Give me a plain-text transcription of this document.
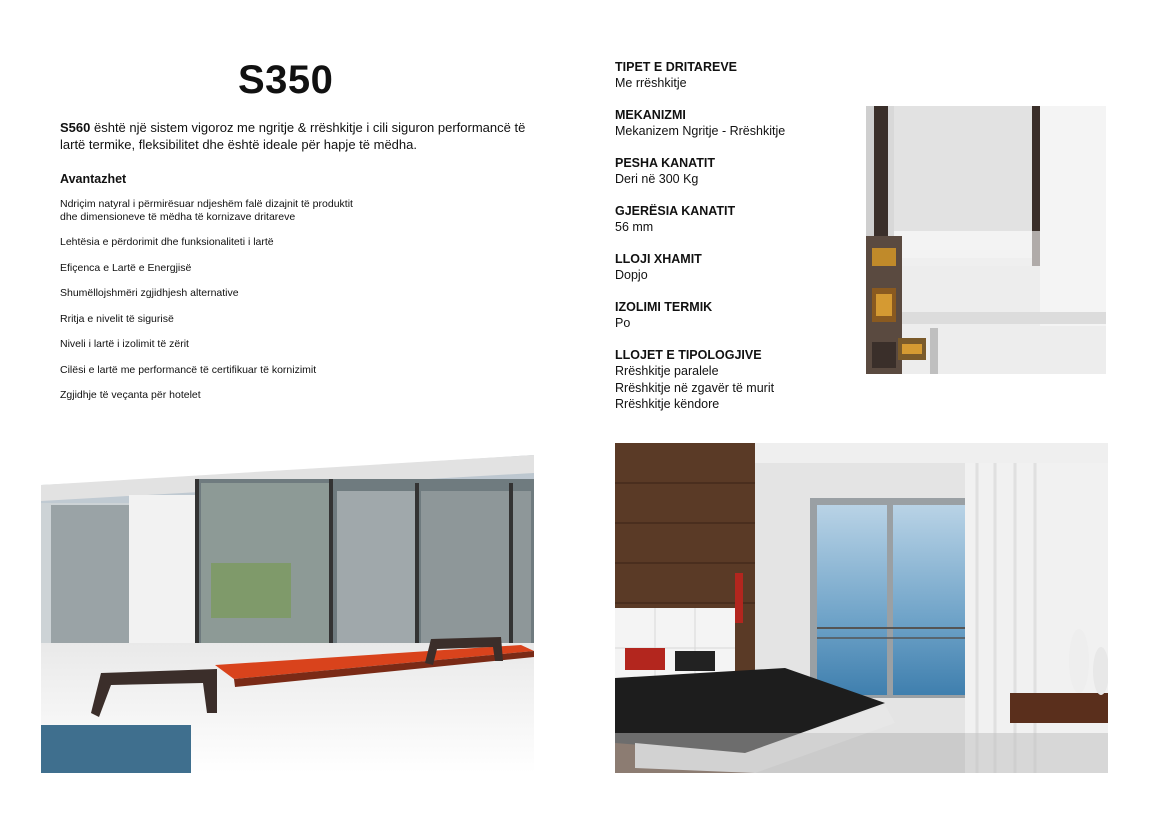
S350
S560 është një sistem vigoroz me ngritje & rrëshkitje i cili siguron performancë të lartë termike, fleksibilitet dhe është ideale për hapje të mëdha.
Avantazhet
Ndriçim natyral i përmirësuar ndjeshëm falë dizajnit të produktit
dhe dimensioneve të mëdha të kornizave dritareve
Lehtësia e përdorimit dhe funksionaliteti i lartë
Efiçenca e Lartë e Energjisë
Shumëllojshmëri zgjidhjesh alternative
Rritja e nivelit të sigurisë
Niveli i lartë i izolimit të zërit
Cilësi e lartë me performancë të certifikuar të kornizimit
Zgjidhje të veçanta për hotelet
TIPET E DRITAREVE
Me rrëshkitje
MEKANIZMI
Mekanizem Ngritje - Rrëshkitje
PESHA KANATIT
Deri në 300 Kg
GJERËSIA KANATIT
56 mm
LLOJI XHAMIT
Dopjo
IZOLIMI TERMIK
Po
LLOJET E TIPOLOGJIVE
Rrëshkitje paralele
Rrëshkitje në zgavër të murit
Rrëshkitje këndore
